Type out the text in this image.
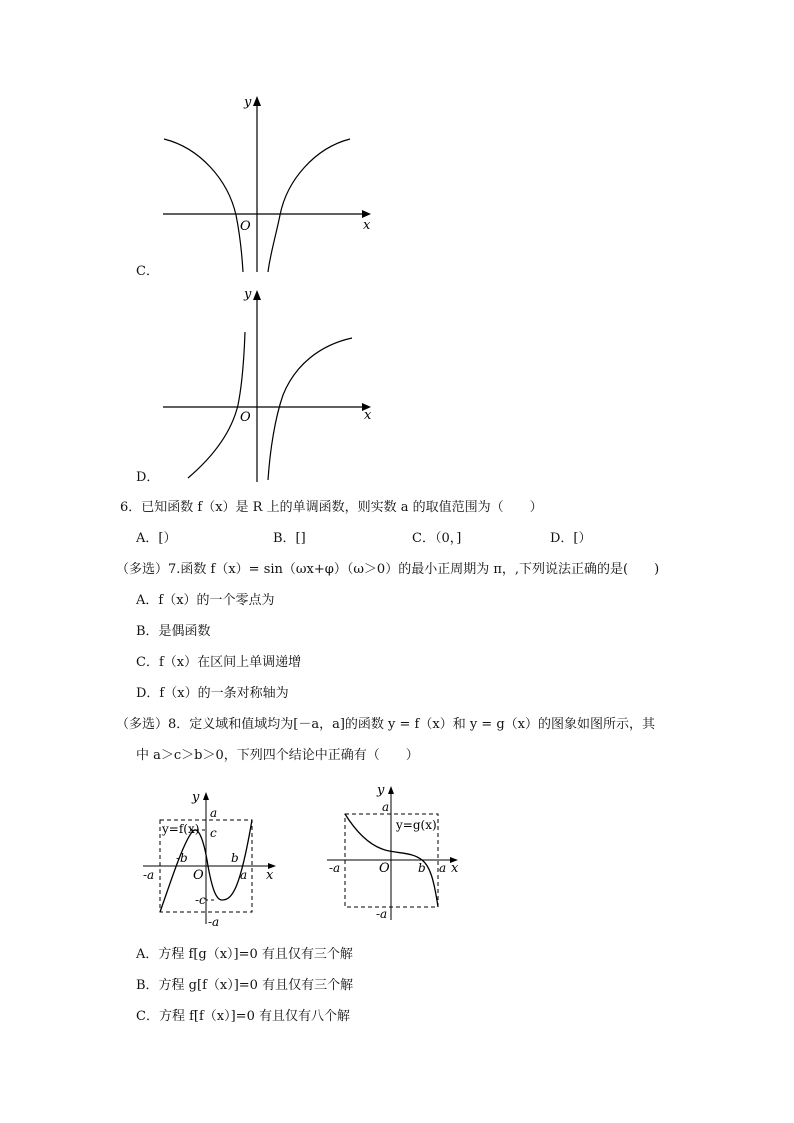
y
x
O
C．
y
x
O
D．
6．已知函数 f（x）是 R 上的单调函数，则实数 a 的取值范围为（　　）
A．[）	B．[]	C．（0，]	D．[）
（多选）7.函数 f（x）= sin（ωx+φ）（ω＞0）的最小正周期为 π，,下列说法正确的是(　　)
A．f（x）的一个零点为
B．是偶函数
C．f（x）在区间上单调递增
D．f（x）的一条对称轴为
（多选）8．定义域和值域均为[－a，a]的函数 y = f（x）和 y = g（x）的图象如图所示，其
中 a＞c＞b＞0，下列四个结论中正确有（　　）
y=f(x)
y
x
O
a
c
-b	b
-a	a
-c
-a
y=g(x)
y
x
O
a
-a	b a
-a
A．方程 f[g（x）]=0 有且仅有三个解
B．方程 g[f（x）]=0 有且仅有三个解
C．方程 f[f（x）]=0 有且仅有八个解
